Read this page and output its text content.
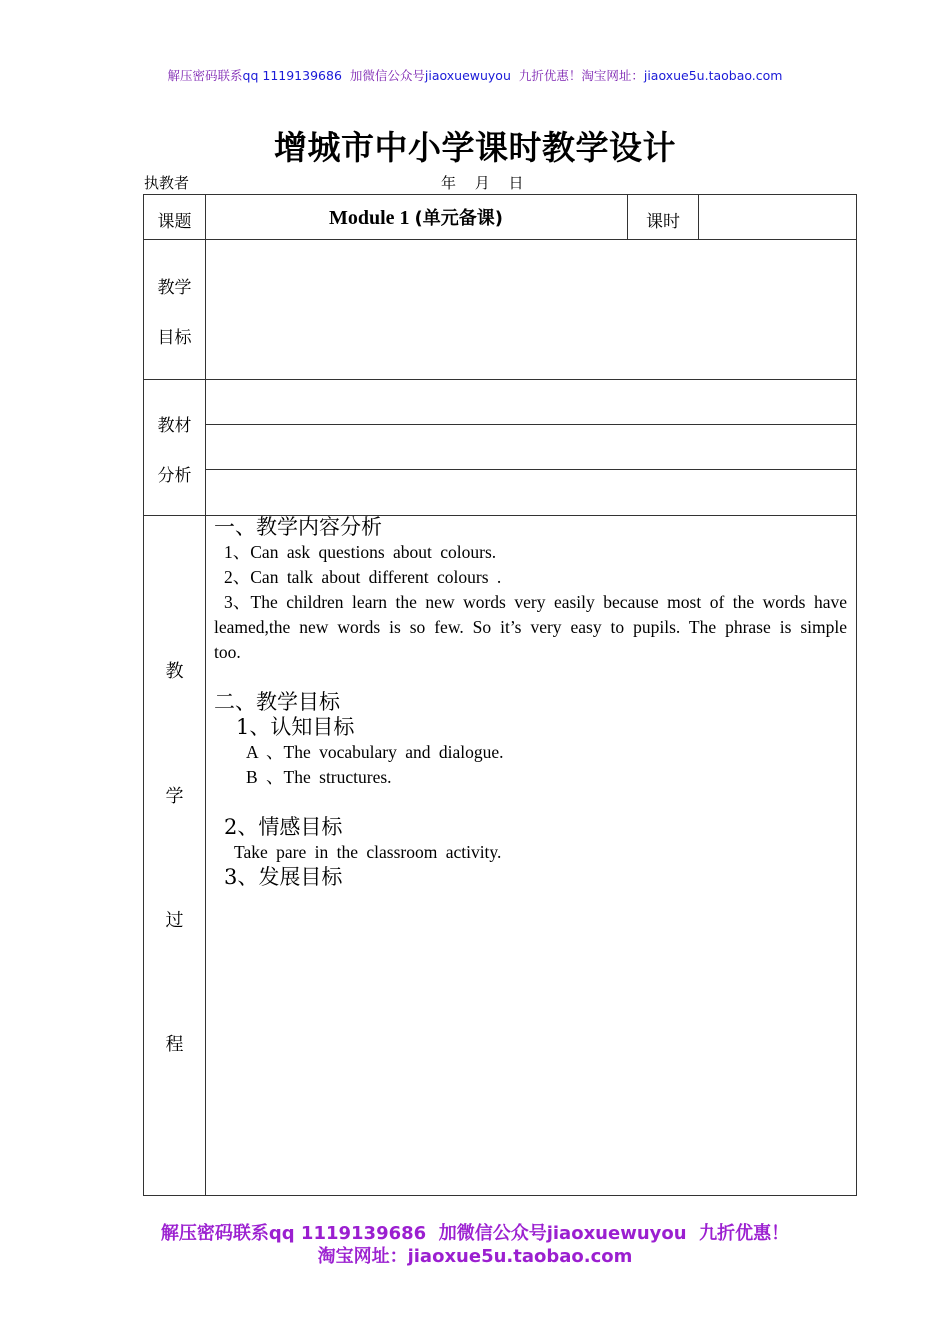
解压密码联系qq 1119139686 加微信公众号jiaoxuewuyou 九折优惠！淘宝网址：jiaoxue5u.taobao.com
增城市中小学课时教学设计
执教者	年 月 日
课题	Module 1 (单元备课)	课时
教学
目标
教材
分析
教
学
过
程
一、教学内容分析
1、Can ask questions about colours.
2、Can talk about different colours .
3、The children learn the new words very easily because most of the words have leamed,the new words is so few. So it’s very easy to pupils. The phrase is simple too.
二、教学目标
1、认知目标
A 、The vocabulary and dialogue.
B 、The structures.
2、情感目标
Take pare in the classroom activity.
3、发展目标
解压密码联系qq 1119139686 加微信公众号jiaoxuewuyou 九折优惠！
淘宝网址：jiaoxue5u.taobao.com
